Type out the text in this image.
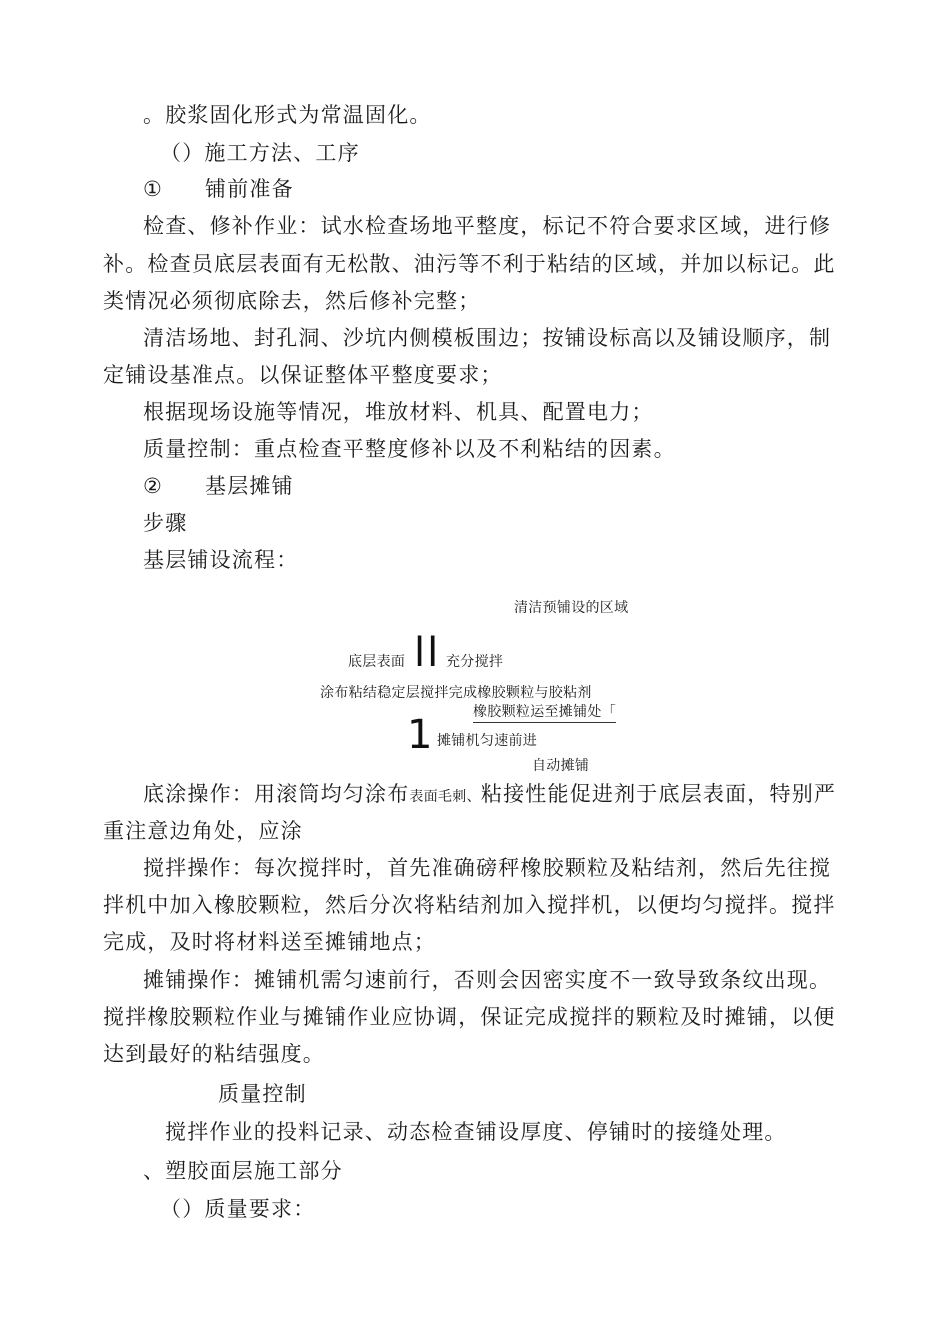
。胶浆固化形式为常温固化。
（）施工方法、工序
① 铺前准备
检查、修补作业：试水检查场地平整度，标记不符合要求区域，进行修
补。检查员底层表面有无松散、油污等不利于粘结的区域，并加以标记。此
类情况必须彻底除去，然后修补完整；
清洁场地、封孔洞、沙坑内侧模板围边；按铺设标高以及铺设顺序，制
定铺设基准点。以保证整体平整度要求；
根据现场设施等情况，堆放材料、机具、配置电力；
质量控制：重点检查平整度修补以及不利粘结的因素。
② 基层摊铺
步骤
基层铺设流程：
清洁预铺设的区域
底层表面 ll 充分搅拌
涂布粘结稳定层搅拌完成橡胶颗粒与胶粘剂
橡胶颗粒运至摊铺处「
1 摊铺机匀速前进
自动摊铺
底涂操作：用滚筒均匀涂布表面毛刺、粘接性能促进剂于底层表面，特别严
重注意边角处，应涂
搅拌操作：每次搅拌时，首先准确磅秤橡胶颗粒及粘结剂，然后先往搅
拌机中加入橡胶颗粒，然后分次将粘结剂加入搅拌机，以便均匀搅拌。搅拌
完成，及时将材料送至摊铺地点；
摊铺操作：摊铺机需匀速前行，否则会因密实度不一致导致条纹出现。
搅拌橡胶颗粒作业与摊铺作业应协调，保证完成搅拌的颗粒及时摊铺，以便
达到最好的粘结强度。
质量控制
搅拌作业的投料记录、动态检查铺设厚度、停铺时的接缝处理。
、塑胶面层施工部分
（）质量要求：
